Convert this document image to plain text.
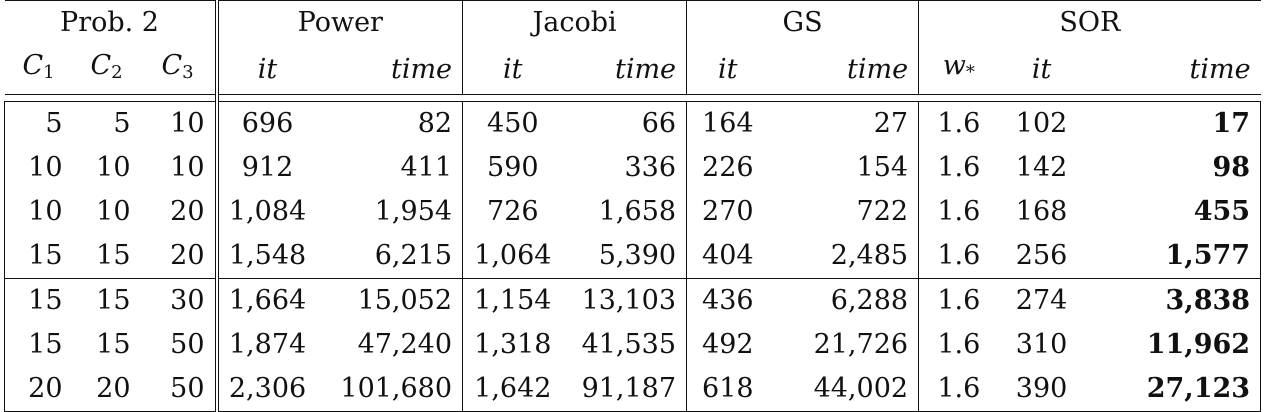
Prob. 2			Power		Jacobi		GS		SOR		
C1	C2	C3	it	time	it	time	it	time	w*	it	time

5	5	10	696	82	450	66	164	27	1.6	102	17
10	10	10	912	411	590	336	226	154	1.6	142	98
10	10	20	1,084	1,954	726	1,658	270	722	1.6	168	455
15	15	20	1,548	6,215	1,064	5,390	404	2,485	1.6	256	1,577
15	15	30	1,664	15,052	1,154	13,103	436	6,288	1.6	274	3,838
15	15	50	1,874	47,240	1,318	41,535	492	21,726	1.6	310	11,962
20	20	50	2,306	101,680	1,642	91,187	618	44,002	1.6	390	27,123
